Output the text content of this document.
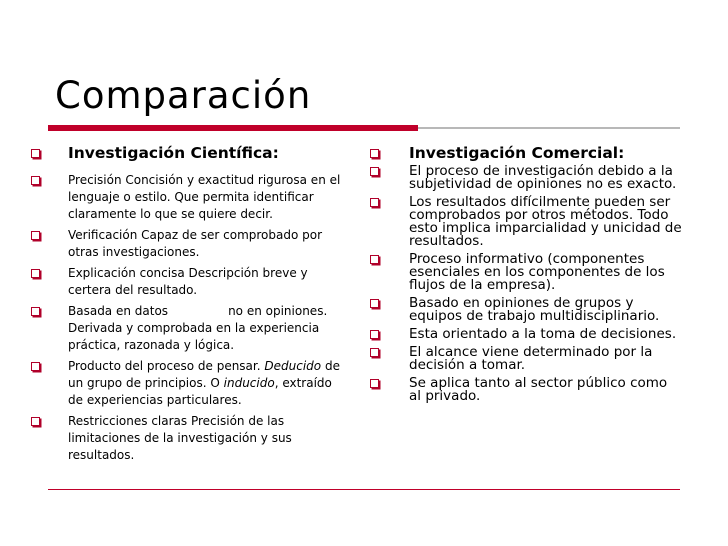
Comparación
Investigación Científica:
Precisión Concisión y exactitud rigurosa en el lenguaje o estilo. Que permita identificar claramente lo que se quiere decir.
Verificación Capaz de ser comprobado por otras investigaciones.
Explicación concisa Descripción breve y certera del resultado.
Basada en datos	no en opiniones. Derivada y comprobada en la experiencia práctica, razonada y lógica.
Producto del proceso de pensar. Deducido de un grupo de principios. O inducido, extraído de experiencias particulares.
Restricciones claras Precisión de las limitaciones de la investigación y sus resultados.
Investigación Comercial:
El proceso de investigación debido a la subjetividad de opiniones no es exacto.
Los resultados difícilmente pueden ser comprobados por otros métodos. Todo esto implica imparcialidad y unicidad de resultados.
Proceso informativo (componentes esenciales en los componentes de los flujos de la empresa).
Basado en opiniones de grupos y equipos de trabajo multidisciplinario.
Esta orientado a la toma de decisiones.
El alcance viene determinado por la decisión a tomar.
Se aplica tanto al sector público como al privado.
